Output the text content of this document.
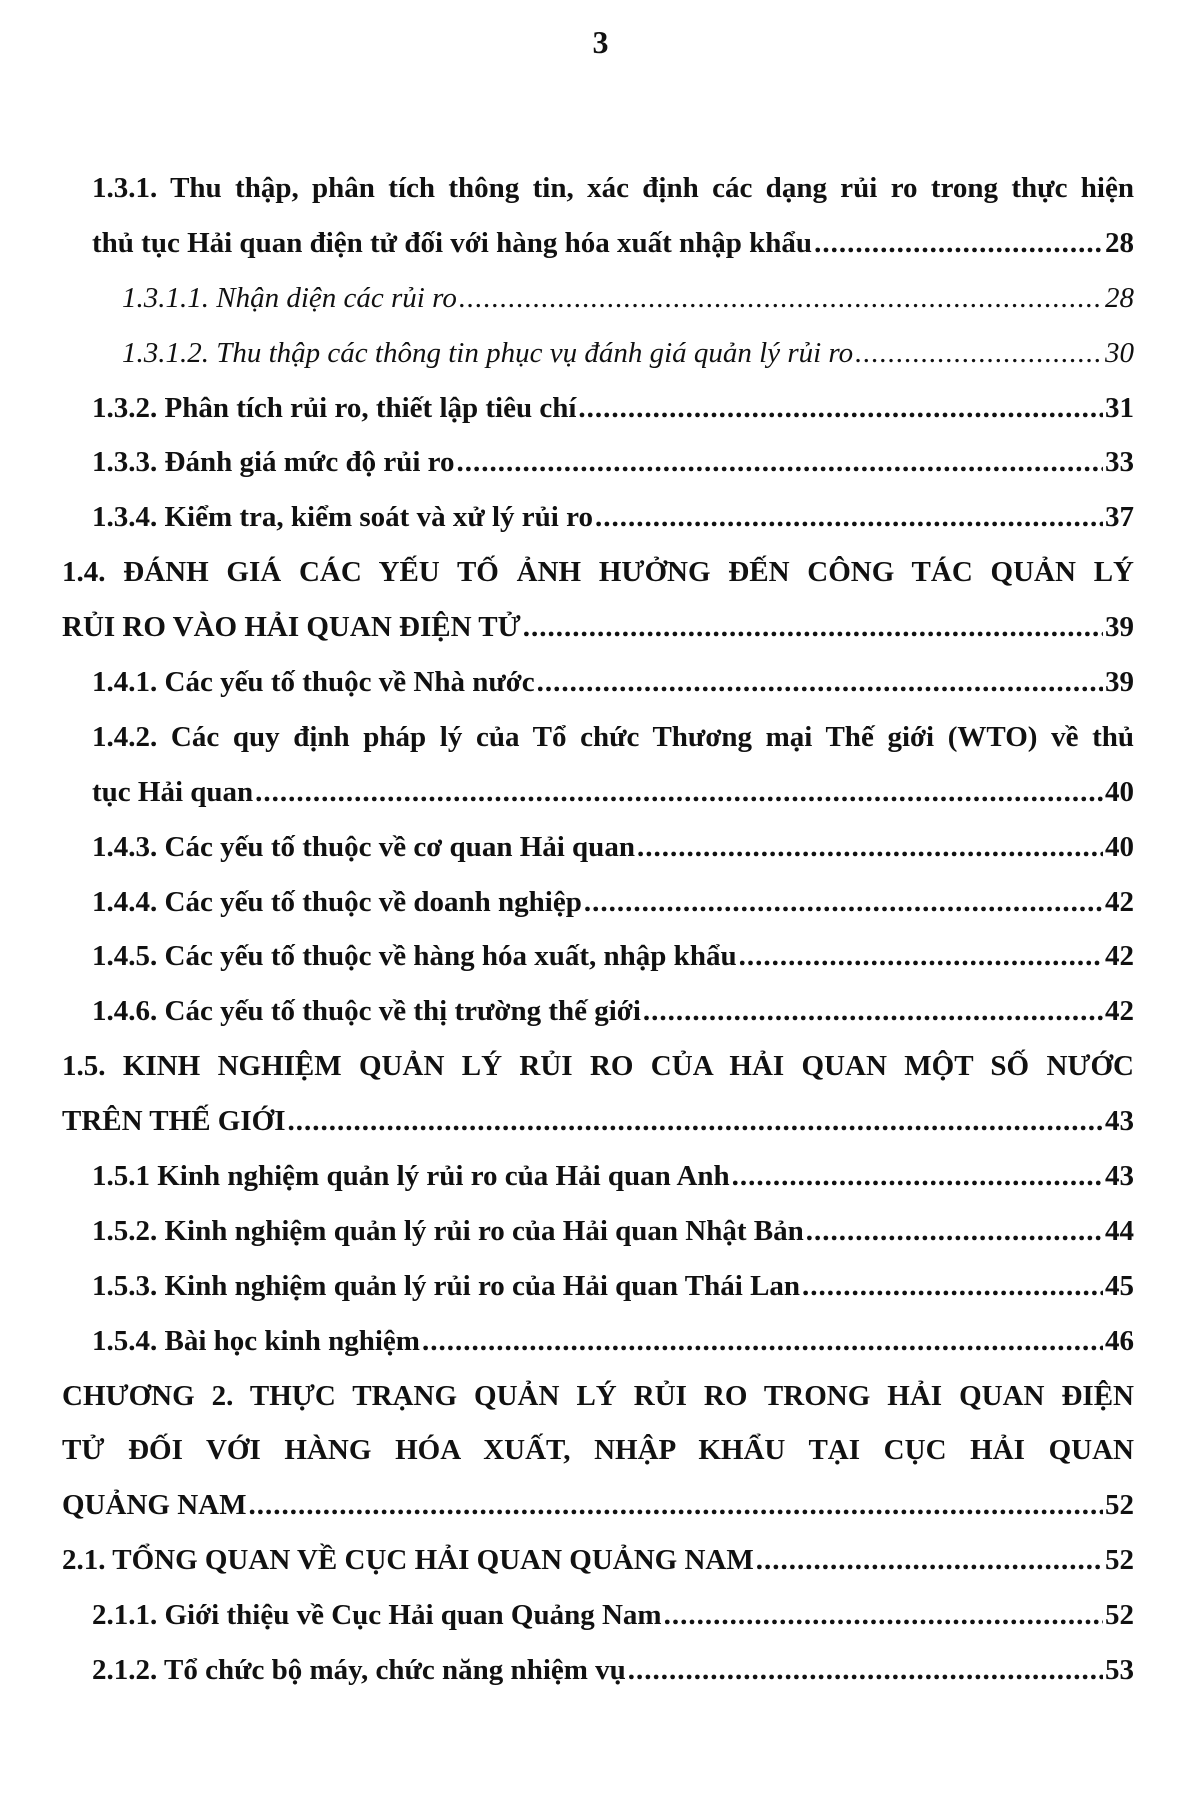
3
1.3.1. Thu thập, phân tích thông tin, xác định các dạng rủi ro trong thực hiện
thủ tục Hải quan điện tử đối với hàng hóa xuất nhập khẩu .....	28
1.3.1.1. Nhận diện các rủi ro .....	28
1.3.1.2. Thu thập các thông tin phục vụ đánh giá quản lý rủi ro .....	30
1.3.2. Phân tích rủi ro, thiết lập tiêu chí .....	31
1.3.3. Đánh giá mức độ rủi ro .....	33
1.3.4. Kiểm tra, kiểm soát và xử lý rủi ro .....	37
1.4. ĐÁNH GIÁ CÁC YẾU TỐ ẢNH HƯỞNG ĐẾN CÔNG TÁC QUẢN LÝ
RỦI RO VÀO HẢI QUAN ĐIỆN TỬ .....	39
1.4.1. Các yếu tố thuộc về Nhà nước .....	39
1.4.2. Các quy định pháp lý của Tổ chức Thương mại Thế giới (WTO) về thủ
tục Hải quan .....	40
1.4.3. Các yếu tố thuộc về cơ quan Hải quan .....	40
1.4.4. Các yếu tố thuộc về doanh nghiệp .....	42
1.4.5. Các yếu tố thuộc về hàng hóa xuất, nhập khẩu .....	42
1.4.6. Các yếu tố thuộc về thị trường thế giới .....	42
1.5. KINH NGHIỆM QUẢN LÝ RỦI RO CỦA HẢI QUAN MỘT SỐ NƯỚC
TRÊN THẾ GIỚI .....	43
1.5.1 Kinh nghiệm quản lý rủi ro của Hải quan Anh .....	43
1.5.2. Kinh nghiệm quản lý rủi ro của Hải quan Nhật Bản .....	44
1.5.3. Kinh nghiệm quản lý rủi ro của Hải quan Thái Lan .....	45
1.5.4. Bài học kinh nghiệm .....	46
CHƯƠNG 2. THỰC TRẠNG QUẢN LÝ RỦI RO TRONG HẢI QUAN ĐIỆN
TỬ ĐỐI VỚI HÀNG HÓA XUẤT, NHẬP KHẨU TẠI CỤC HẢI QUAN
QUẢNG NAM .....	52
2.1. TỔNG QUAN VỀ CỤC HẢI QUAN QUẢNG NAM .....	52
2.1.1. Giới thiệu về Cục Hải quan Quảng Nam .....	52
2.1.2. Tổ chức bộ máy, chức năng nhiệm vụ .....	53
